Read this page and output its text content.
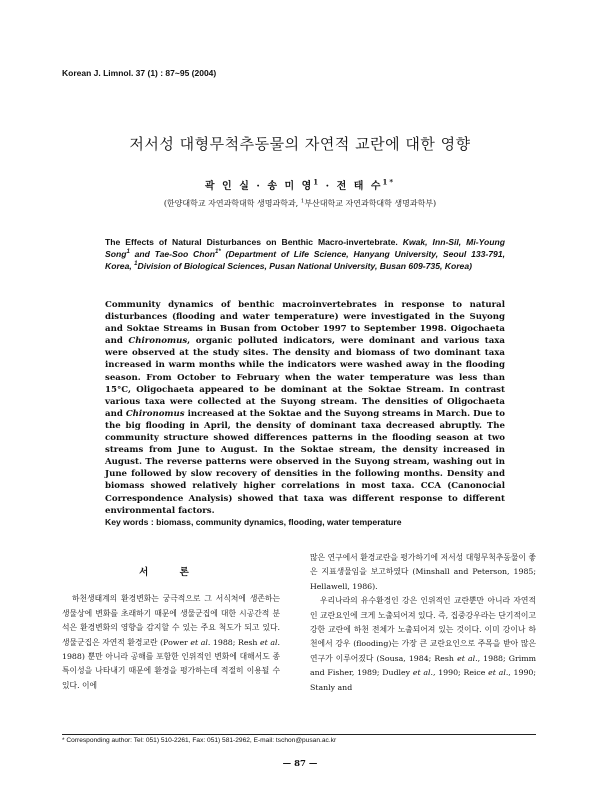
Korean J. Limnol. 37 (1) : 87~95 (2004)
저서성 대형무척추동물의 자연적 교란에 대한 영향
곽 인 실 · 송 미 영$^1$ · 전 태 수$^{1*}$
(한양대학교 자연과학대학 생명과학과, $^1$부산대학교 자연과학대학 생명과학부)
The Effects of Natural Disturbances on Benthic Macro-invertebrate. Kwak, Inn-Sil, Mi-Young Song$^1$ and Tae-Soo Chon$^{1*}$ (Department of Life Science, Hanyang University, Seoul 133-791, Korea, $^1$Division of Biological Sciences, Pusan National University, Busan 609-735, Korea)
Community dynamics of benthic macroinvertebrates in response to natural disturbances (flooding and water temperature) were investigated in the Suyong and Soktae Streams in Busan from October 1997 to September 1998. Oigochaeta and Chironomus, organic polluted indicators, were dominant and various taxa were observed at the study sites. The density and biomass of two dominant taxa increased in warm months while the indicators were washed away in the flooding season. From October to February when the water temperature was less than 15°C, Oligochaeta appeared to be dominant at the Soktae Stream. In contrast various taxa were collected at the Suyong stream. The densities of Oligochaeta and Chironomus increased at the Soktae and the Suyong streams in March. Due to the big flooding in April, the density of dominant taxa decreased abruptly. The community structure showed differences patterns in the flooding season at two streams from June to August. In the Soktae stream, the density increased in August. The reverse patterns were observed in the Suyong stream, washing out in June followed by slow recovery of densities in the following months. Density and biomass showed relatively higher correlations in most taxa. CCA (Canonocial Correspondence Analysis) showed that taxa was different response to different environmental factors.
Key words : biomass, community dynamics, flooding, water temperature
서 론

하천생태계의 환경변화는 궁극적으로 그 서식처에 생존하는 생물상에 변화를 초래하기 때문에 생물군집에 대한 시공간적 분석은 환경변화의 영향을 감지할 수 있는 주요 척도가 되고 있다. 생물군집은 자연적 환경교란 (Power et al. 1988; Resh et al. 1988) 뿐만 아니라 공해를 포함한 인위적인 변화에 대해서도 종특이성을 나타내기 때문에 환경을 평가하는데 적절히 이용될 수 있다. 이에

많은 연구에서 환경교란을 평가하기에 저서성 대형무척추동물이 좋은 지표생물임을 보고하였다 (Minshall and Peterson, 1985; Hellawell, 1986).

우리나라의 유수환경인 강은 인위적인 교란뿐만 아니라 자연적인 교란요인에 크게 노출되어져 있다. 즉, 집중강우라는 단기적이고 강한 교란에 하천 전체가 노출되어져 있는 것이다. 이미 강이나 하천에서 강우 (flooding)는 가장 큰 교란요인으로 주목을 받아 많은 연구가 이루어졌다 (Sousa, 1984; Resh et al., 1988; Grimm and Fisher, 1989; Dudley et al., 1990; Reice et al., 1990; Stanly and

* Corresponding author: Tel: 051) 510-2261, Fax: 051) 581-2962, E-mail: tschon@pusan.ac.kr
— 87 —
